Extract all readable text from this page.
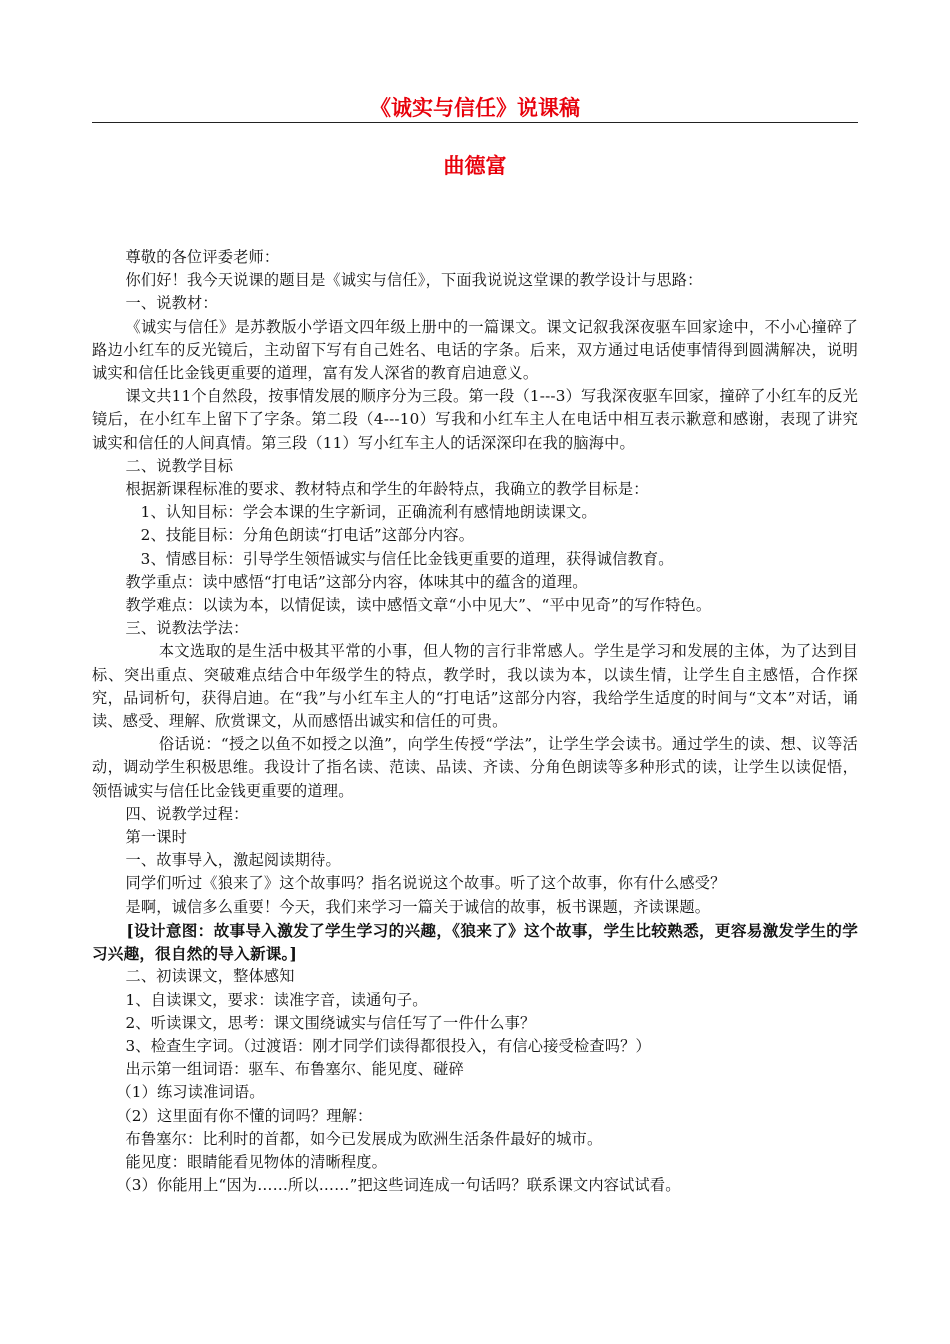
《诚实与信任》说课稿
曲德富

尊敬的各位评委老师：

你们好！我今天说课的题目是《诚实与信任》，下面我说说这堂课的教学设计与思路：

一、说教材：

《诚实与信任》是苏教版小学语文四年级上册中的一篇课文。课文记叙我深夜驱车回家途中，不小心撞碎了路边小红车的反光镜后，主动留下写有自己姓名、电话的字条。后来，双方通过电话使事情得到圆满解决，说明诚实和信任比金钱更重要的道理，富有发人深省的教育启迪意义。

课文共11个自然段，按事情发展的顺序分为三段。第一段（1---3）写我深夜驱车回家，撞碎了小红车的反光镜后，在小红车上留下了字条。第二段（4---10）写我和小红车主人在电话中相互表示歉意和感谢，表现了讲究诚实和信任的人间真情。第三段（11）写小红车主人的话深深印在我的脑海中。

二、说教学目标

根据新课程标准的要求、教材特点和学生的年龄特点，我确立的教学目标是：

1、认知目标：学会本课的生字新词，正确流利有感情地朗读课文。

2、技能目标：分角色朗读“打电话”这部分内容。

3、情感目标：引导学生领悟诚实与信任比金钱更重要的道理，获得诚信教育。

教学重点：读中感悟“打电话”这部分内容，体味其中的蕴含的道理。

教学难点：以读为本，以情促读，读中感悟文章“小中见大”、“平中见奇”的写作特色。

三、说教法学法：

本文选取的是生活中极其平常的小事，但人物的言行非常感人。学生是学习和发展的主体，为了达到目标、突出重点、突破难点结合中年级学生的特点，教学时，我以读为本，以读生情，让学生自主感悟，合作探究，品词析句，获得启迪。在“我”与小红车主人的“打电话”这部分内容，我给学生适度的时间与“文本”对话，诵读、感受、理解、欣赏课文，从而感悟出诚实和信任的可贵。

俗话说：“授之以鱼不如授之以渔”，向学生传授“学法”，让学生学会读书。通过学生的读、想、议等活动，调动学生积极思维。我设计了指名读、范读、品读、齐读、分角色朗读等多种形式的读，让学生以读促悟，领悟诚实与信任比金钱更重要的道理。

四、说教学过程：

第一课时

一、故事导入，激起阅读期待。

同学们听过《狼来了》这个故事吗？指名说说这个故事。听了这个故事，你有什么感受？

是啊，诚信多么重要！今天，我们来学习一篇关于诚信的故事，板书课题，齐读课题。

[设计意图：故事导入激发了学生学习的兴趣，《狼来了》这个故事，学生比较熟悉，更容易激发学生的学习兴趣，很自然的导入新课。]

二、初读课文，整体感知

1、自读课文，要求：读准字音，读通句子。

2、听读课文，思考：课文围绕诚实与信任写了一件什么事？

3、检查生字词。（过渡语：刚才同学们读得都很投入，有信心接受检查吗？）

出示第一组词语：驱车、布鲁塞尔、能见度、碰碎

（1）练习读准词语。

（2）这里面有你不懂的词吗？理解：

布鲁塞尔：比利时的首都，如今已发展成为欧洲生活条件最好的城市。

能见度：眼睛能看见物体的清晰程度。

（3）你能用上“因为……所以……”把这些词连成一句话吗？联系课文内容试试看。
